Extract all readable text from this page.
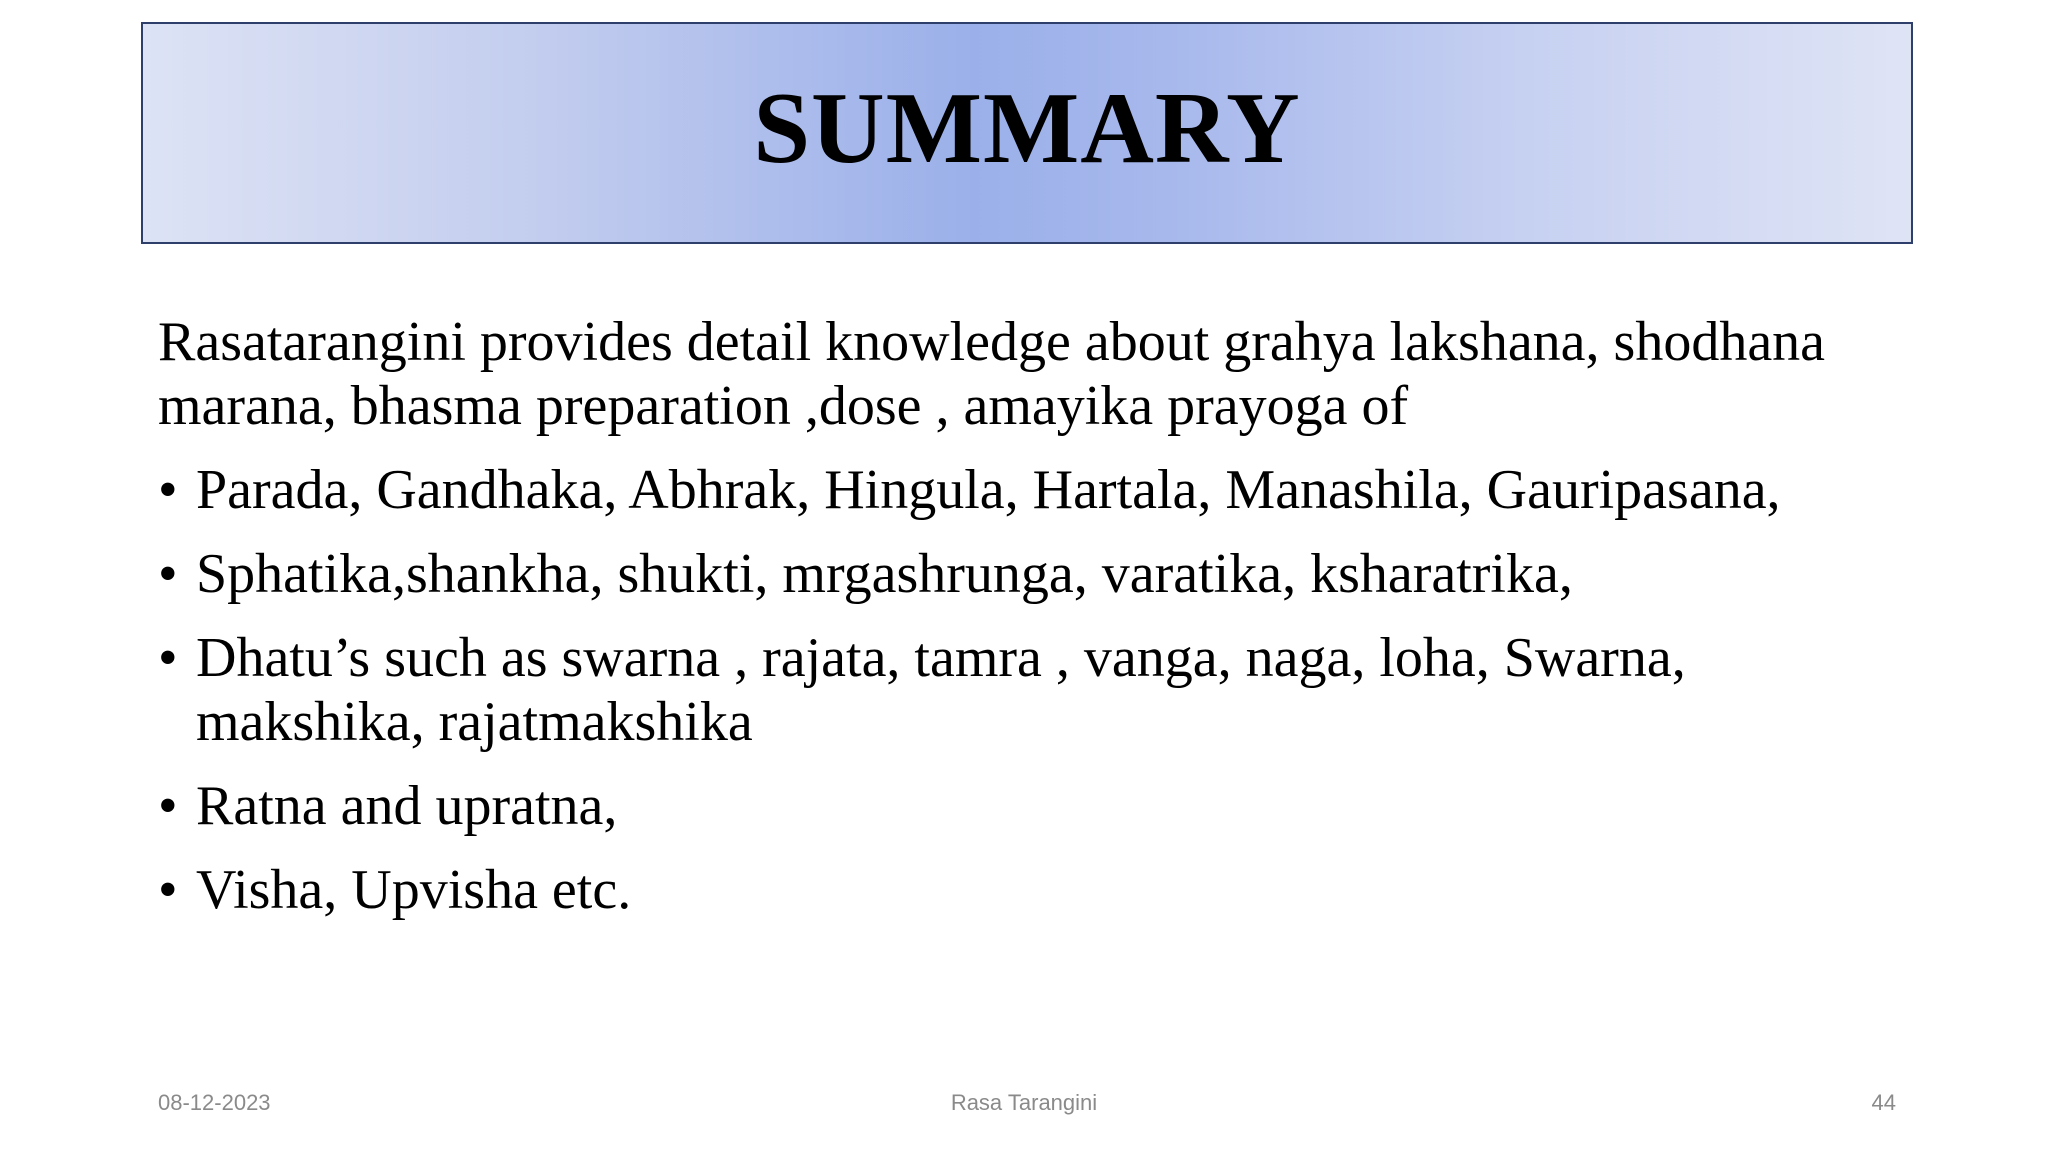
SUMMARY

Rasatarangini provides detail knowledge about grahya lakshana, shodhana marana, bhasma preparation ,dose , amayika prayoga of

• Parada, Gandhaka, Abhrak, Hingula, Hartala, Manashila, Gauripasana,
• Sphatika,shankha, shukti, mrgashrunga, varatika, ksharatrika,
• Dhatu’s such as swarna , rajata, tamra , vanga, naga, loha, Swarna, makshika, rajatmakshika
• Ratna and upratna,
• Visha, Upvisha etc.
Rasa Tarangini
08-12-2023	44
